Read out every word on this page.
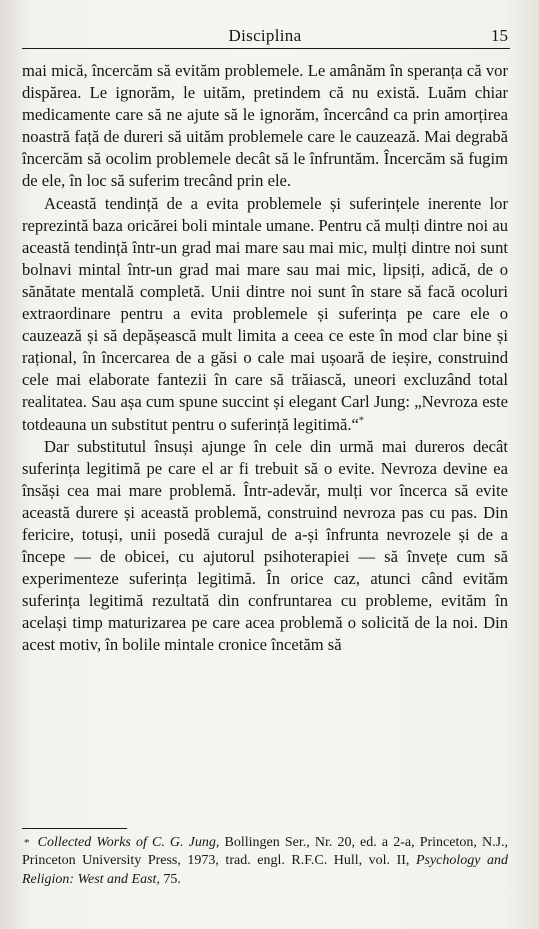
Disciplina	15

mai mică, încercăm să evităm problemele. Le amânăm în speranța că vor dispărea. Le ignorăm, le uităm, pretindem că nu există. Luăm chiar medicamente care să ne ajute să le ignorăm, încercând ca prin amorțirea noastră față de dureri să uităm problemele care le cauzează. Mai degrabă încercăm să ocolim problemele decât să le înfruntăm. Încercăm să fugim de ele, în loc să suferim trecând prin ele.

Această tendință de a evita problemele și suferințele inerente lor reprezintă baza oricărei boli mintale umane. Pentru că mulți dintre noi au această tendință într-un grad mai mare sau mai mic, mulți dintre noi sunt bolnavi mintal într-un grad mai mare sau mai mic, lipsiți, adică, de o sănătate mentală completă. Unii dintre noi sunt în stare să facă ocoluri extraordinare pentru a evita problemele și suferința pe care ele o cauzează și să depășească mult limita a ceea ce este în mod clar bine și rațional, în încercarea de a găsi o cale mai ușoară de ieșire, construind cele mai elaborate fantezii în care să trăiască, uneori excluzând total realitatea. Sau așa cum spune succint și elegant Carl Jung: „Nevroza este totdeauna un substitut pentru o suferință legitimă.“*

Dar substitutul însuși ajunge în cele din urmă mai dureros decât suferința legitimă pe care el ar fi trebuit să o evite. Nevroza devine ea însăși cea mai mare problemă. Într-adevăr, mulți vor încerca să evite această durere și această problemă, construind nevroza pas cu pas. Din fericire, totuși, unii posedă curajul de a-și înfrunta nevrozele și de a începe — de obicei, cu ajutorul psihoterapiei — să învețe cum să experimenteze suferința legitimă. În orice caz, atunci când evităm suferința legitimă rezultată din confruntarea cu probleme, evităm în același timp maturizarea pe care acea problemă o solicită de la noi. Din acest motiv, în bolile mintale cronice încetăm să

* Collected Works of C. G. Jung, Bollingen Ser., Nr. 20, ed. a 2-a, Princeton, N.J., Princeton University Press, 1973, trad. engl. R.F.C. Hull, vol. II, Psychology and Religion: West and East, 75.
